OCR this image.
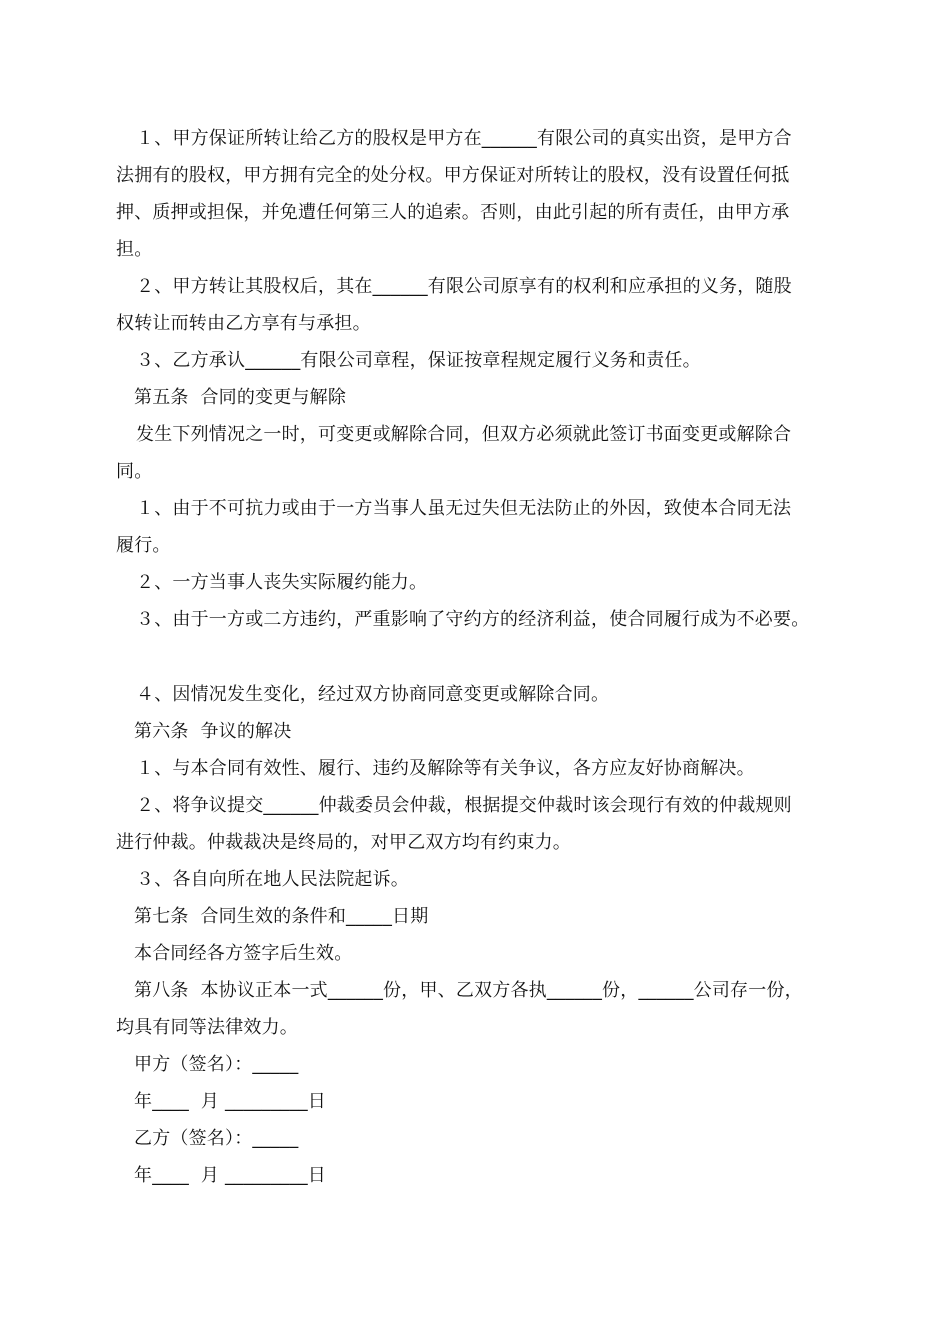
１、甲方保证所转让给乙方的股权是甲方在______有限公司的真实出资，是甲方合
法拥有的股权，甲方拥有完全的处分权。甲方保证对所转让的股权，没有设置任何抵
押、质押或担保，并免遭任何第三人的追索。否则，由此引起的所有责任，由甲方承
担。
２、甲方转让其股权后，其在______有限公司原享有的权利和应承担的义务，随股
权转让而转由乙方享有与承担。
３、乙方承认______有限公司章程，保证按章程规定履行义务和责任。
第五条  合同的变更与解除
发生下列情况之一时，可变更或解除合同，但双方必须就此签订书面变更或解除合
同。
１、由于不可抗力或由于一方当事人虽无过失但无法防止的外因，致使本合同无法
履行。
２、一方当事人丧失实际履约能力。
３、由于一方或二方违约，严重影响了守约方的经济利益，使合同履行成为不必要。
４、因情况发生变化，经过双方协商同意变更或解除合同。
第六条  争议的解决
１、与本合同有效性、履行、违约及解除等有关争议，各方应友好协商解决。
２、将争议提交______仲裁委员会仲裁，根据提交仲裁时该会现行有效的仲裁规则
进行仲裁。仲裁裁决是终局的，对甲乙双方均有约束力。
３、各自向所在地人民法院起诉。
第七条  合同生效的条件和_____日期
本合同经各方签字后生效。
第八条  本协议正本一式______份，甲、乙双方各执______份，______公司存一份，
均具有同等法律效力。
甲方（签名）：_____
年____  月 _________日
乙方（签名）：_____
年____  月 _________日
